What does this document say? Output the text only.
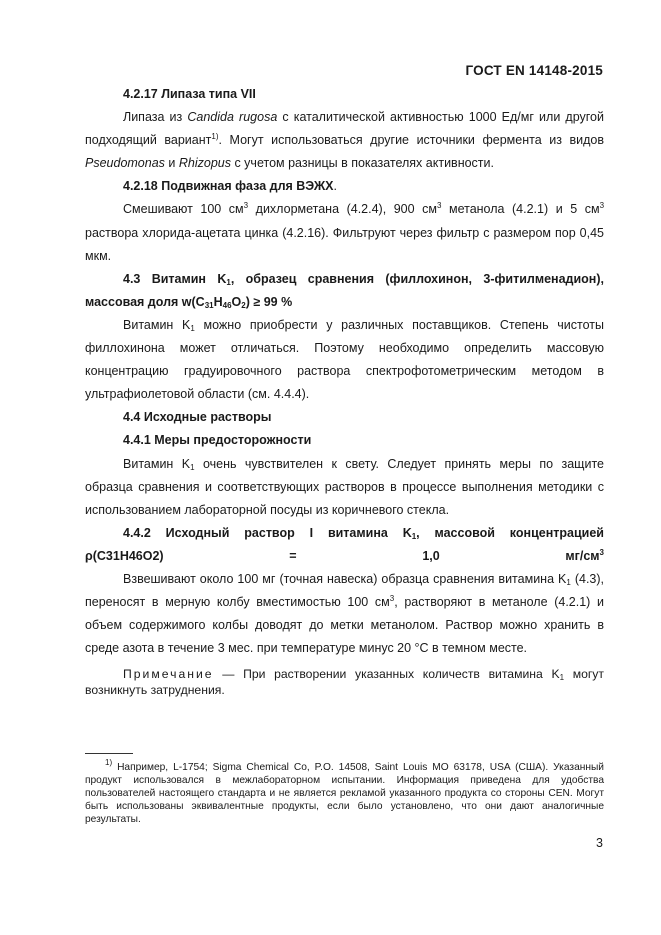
ГОСТ EN 14148-2015

4.2.17 Липаза типа VII

Липаза из Candida rugosa с каталитической активностью 1000 Ед/мг или другой подходящий вариант$^{1)}$. Могут использоваться другие источники фермента из видов Pseudomonas и Rhizopus с учетом разницы в показателях активности.

4.2.18 Подвижная фаза для ВЭЖХ.

Смешивают 100 $см^3$ дихлорметана (4.2.4), 900 $см^3$ метанола (4.2.1) и 5 $см^3$ раствора хлорида-ацетата цинка (4.2.16). Фильтруют через фильтр с размером пор 0,45 мкм.

4.3 Витамин $K_1$, образец сравнения (филлохинон, 3-фитилменадион), массовая доля $w(C_{31}H_{46}O_2) \ge 99$ %

Витамин $K_1$ можно приобрести у различных поставщиков. Степень чистоты филлохинона может отличаться. Поэтому необходимо определить массовую концентрацию градуировочного раствора спектрофотометрическим методом в ультрафиолетовой области (см. 4.4.4).

4.4 Исходные растворы

4.4.1 Меры предосторожности

Витамин $K_1$ очень чувствителен к свету. Следует принять меры по защите образца сравнения и соответствующих растворов в процессе выполнения методики с использованием лабораторной посуды из коричневого стекла.

4.4.2 Исходный раствор I витамина $K_1$, массовой концентрацией ρ(C31H46O2) = 1,0 $мг/см^3$

Взвешивают около 100 мг (точная навеска) образца сравнения витамина $K_1$ (4.3), переносят в мерную колбу вместимостью 100 $см^3$, растворяют в метаноле (4.2.1) и объем содержимого колбы доводят до метки метанолом. Раствор можно хранить в среде азота в течение 3 мес. при температуре минус 20 °C в темном месте.

Примечание — При растворении указанных количеств витамина $K_1$ могут возникнуть затруднения.

$^{1)}$ Например, L-1754; Sigma Chemical Co, P.O. 14508, Saint Louis MO 63178, USA (США). Указанный продукт использовался в межлабораторном испытании. Информация приведена для удобства пользователей настоящего стандарта и не является рекламой указанного продукта со стороны CEN. Могут быть использованы эквивалентные продукты, если было установлено, что они дают аналогичные результаты.

3
